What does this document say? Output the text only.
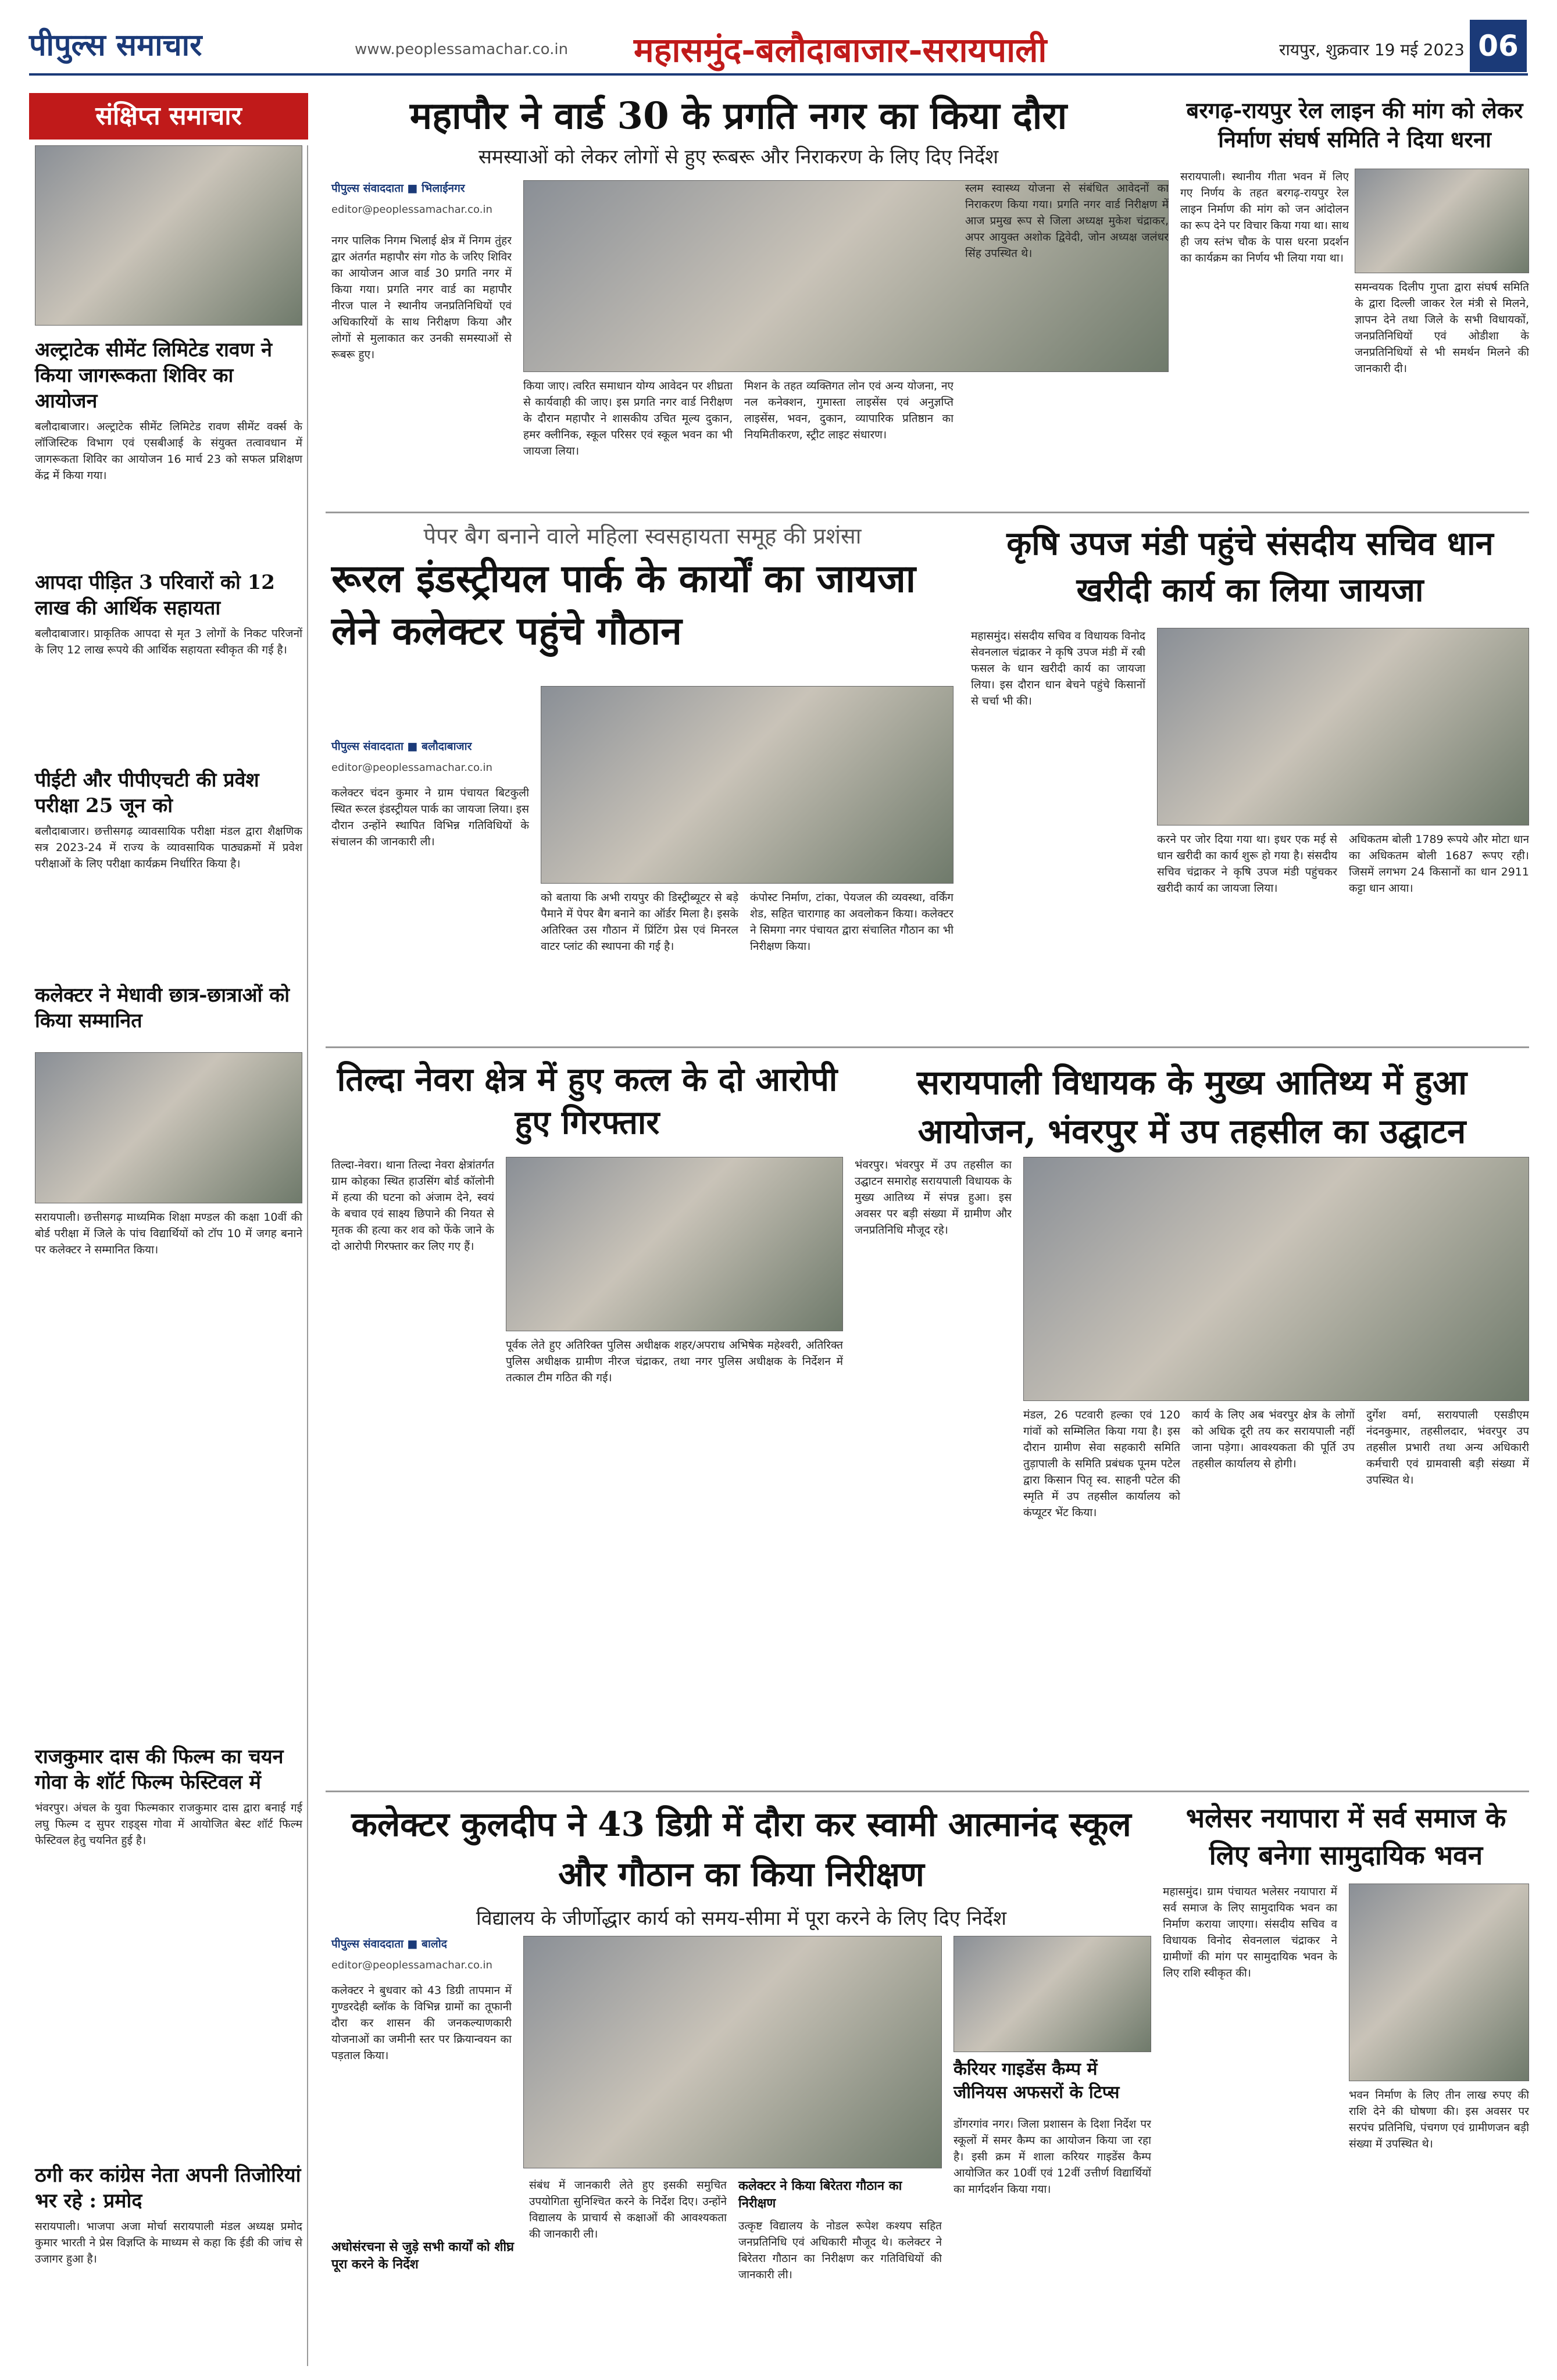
पीपुल्स समाचार	www.peoplessamachar.co.in महासमुंद-बलौदाबाजार-सरायपाली	रायपुर, शुक्रवार 19 मई 2023 06
संक्षिप्त समाचार
अल्ट्राटेक सीमेंट लिमिटेड रावण ने किया जागरूकता शिविर का आयोजन
बलौदाबाजार। अल्ट्राटेक सीमेंट लिमिटेड रावण सीमेंट वर्क्स के लॉजिस्टिक विभाग एवं एसबीआई के संयुक्त तत्वावधान में जागरूकता शिविर का आयोजन 16 मार्च 23 को सफल प्रशिक्षण केंद्र में किया गया।
आपदा पीड़ित 3 परिवारों को 12 लाख की आर्थिक सहायता
बलौदाबाजार। प्राकृतिक आपदा से मृत 3 लोगों के निकट परिजनों के लिए 12 लाख रूपये की आर्थिक सहायता स्वीकृत की गई है।
पीईटी और पीपीएचटी की प्रवेश परीक्षा 25 जून को
बलौदाबाजार। छत्तीसगढ़ व्यावसायिक परीक्षा मंडल द्वारा शैक्षणिक सत्र 2023-24 में राज्य के व्यावसायिक पाठ्यक्रमों में प्रवेश परीक्षाओं के लिए परीक्षा कार्यक्रम निर्धारित किया है।
कलेक्टर ने मेधावी छात्र-छात्राओं को किया सम्मानित
सरायपाली। छत्तीसगढ़ माध्यमिक शिक्षा मण्डल की कक्षा 10वीं की बोर्ड परीक्षा में जिले के पांच विद्यार्थियों को टॉप 10 में जगह बनाने पर कलेक्टर ने सम्मानित किया।
राजकुमार दास की फिल्म का चयन गोवा के शॉर्ट फिल्म फेस्टिवल में
भंवरपुर। अंचल के युवा फिल्मकार राजकुमार दास द्वारा बनाई गई लघु फिल्म द सुपर राइड्स गोवा में आयोजित बेस्ट शॉर्ट फिल्म फेस्टिवल हेतु चयनित हुई है।
ठगी कर कांग्रेस नेता अपनी तिजोरियां भर रहे : प्रमोद
सरायपाली। भाजपा अजा मोर्चा सरायपाली मंडल अध्यक्ष प्रमोद कुमार भारती ने प्रेस विज्ञप्ति के माध्यम से कहा कि ईडी की जांच से उजागर हुआ है।
महापौर ने वार्ड 30 के प्रगति नगर का किया दौरा
समस्याओं को लेकर लोगों से हुए रूबरू और निराकरण के लिए दिए निर्देश
पीपुल्स संवाददाता ■ भिलाईनगर
editor@peoplessamachar.co.in
नगर पालिक निगम भिलाई क्षेत्र में निगम तुंहर द्वार अंतर्गत महापौर संग गोठ के जरिए शिविर का आयोजन आज वार्ड 30 प्रगति नगर में किया गया। प्रगति नगर वार्ड का महापौर नीरज पाल ने स्थानीय जनप्रतिनिधियों एवं अधिकारियों के साथ निरीक्षण किया और लोगों से मुलाकात कर उनकी समस्याओं से रूबरू हुए।
किया जाए। त्वरित समाधान योग्य आवेदन पर शीघ्रता से कार्यवाही की जाए। इस प्रगति नगर वार्ड निरीक्षण के दौरान महापौर ने शासकीय उचित मूल्य दुकान, हमर क्लीनिक, स्कूल परिसर एवं स्कूल भवन का भी जायजा लिया।
मिशन के तहत व्यक्तिगत लोन एवं अन्य योजना, नए नल कनेक्शन, गुमास्ता लाइसेंस एवं अनुज्ञप्ति लाइसेंस, भवन, दुकान, व्यापारिक प्रतिष्ठान का नियमितीकरण, स्ट्रीट लाइट संधारण।
स्लम स्वास्थ्य योजना से संबंधित आवेदनों का निराकरण किया गया। प्रगति नगर वार्ड निरीक्षण में आज प्रमुख रूप से जिला अध्यक्ष मुकेश चंद्राकर, अपर आयुक्त अशोक द्विवेदी, जोन अध्यक्ष जलंधर सिंह उपस्थित थे।
बरगढ़-रायपुर रेल लाइन की मांग को लेकर निर्माण संघर्ष समिति ने दिया धरना
सरायपाली। स्थानीय गीता भवन में लिए गए निर्णय के तहत बरगढ़-रायपुर रेल लाइन निर्माण की मांग को जन आंदोलन का रूप देने पर विचार किया गया था। साथ ही जय स्तंभ चौक के पास धरना प्रदर्शन का कार्यक्रम का निर्णय भी लिया गया था।
समन्वयक दिलीप गुप्ता द्वारा संघर्ष समिति के द्वारा दिल्ली जाकर रेल मंत्री से मिलने, ज्ञापन देने तथा जिले के सभी विधायकों, जनप्रतिनिधियों एवं ओडीशा के जनप्रतिनिधियों से भी समर्थन मिलने की जानकारी दी।
पेपर बैग बनाने वाले महिला स्वसहायता समूह की प्रशंसा
रूरल इंडस्ट्रीयल पार्क के कार्यों का जायजा लेने कलेक्टर पहुंचे गौठान
पीपुल्स संवाददाता ■ बलौदाबाजार
editor@peoplessamachar.co.in
कलेक्टर चंदन कुमार ने ग्राम पंचायत बिटकुली स्थित रूरल इंडस्ट्रीयल पार्क का जायजा लिया। इस दौरान उन्होंने स्थापित विभिन्न गतिविधियों के संचालन की जानकारी ली।
को बताया कि अभी रायपुर की डिस्ट्रीब्यूटर से बड़े पैमाने में पेपर बैग बनाने का ऑर्डर मिला है। इसके अतिरिक्त उस गौठान में प्रिंटिंग प्रेस एवं मिनरल वाटर प्लांट की स्थापना की गई है।
कंपोस्ट निर्माण, टांका, पेयजल की व्यवस्था, वर्किंग शेड, सहित चारागाह का अवलोकन किया। कलेक्टर ने सिमगा नगर पंचायत द्वारा संचालित गौठान का भी निरीक्षण किया।
कृषि उपज मंडी पहुंचे संसदीय सचिव धान खरीदी कार्य का लिया जायजा
महासमुंद। संसदीय सचिव व विधायक विनोद सेवनलाल चंद्राकर ने कृषि उपज मंडी में रबी फसल के धान खरीदी कार्य का जायजा लिया। इस दौरान धान बेचने पहुंचे किसानों से चर्चा भी की।
करने पर जोर दिया गया था। इधर एक मई से धान खरीदी का कार्य शुरू हो गया है। संसदीय सचिव चंद्राकर ने कृषि उपज मंडी पहुंचकर खरीदी कार्य का जायजा लिया।
अधिकतम बोली 1789 रूपये और मोटा धान का अधिकतम बोली 1687 रूपए रही। जिसमें लगभग 24 किसानों का धान 2911 कट्टा धान आया।
तिल्दा नेवरा क्षेत्र में हुए कत्ल के दो आरोपी हुए गिरफ्तार
तिल्दा-नेवरा। थाना तिल्दा नेवरा क्षेत्रांतर्गत ग्राम कोहका स्थित हाउसिंग बोर्ड कॉलोनी में हत्या की घटना को अंजाम देने, स्वयं के बचाव एवं साक्ष्य छिपाने की नियत से मृतक की हत्या कर शव को फेंके जाने के दो आरोपी गिरफ्तार कर लिए गए हैं।
पूर्वक लेते हुए अतिरिक्त पुलिस अधीक्षक शहर/अपराध अभिषेक महेश्वरी, अतिरिक्त पुलिस अधीक्षक ग्रामीण नीरज चंद्राकर, तथा नगर पुलिस अधीक्षक के निर्देशन में तत्काल टीम गठित की गई।
सरायपाली विधायक के मुख्य आतिथ्य में हुआ आयोजन, भंवरपुर में उप तहसील का उद्घाटन
भंवरपुर। भंवरपुर में उप तहसील का उद्घाटन समारोह सरायपाली विधायक के मुख्य आतिथ्य में संपन्न हुआ। इस अवसर पर बड़ी संख्या में ग्रामीण और जनप्रतिनिधि मौजूद रहे।
मंडल, 26 पटवारी हल्का एवं 120 गांवों को सम्मिलित किया गया है। इस दौरान ग्रामीण सेवा सहकारी समिति तुड़ापाली के समिति प्रबंधक पूनम पटेल द्वारा किसान पितृ स्व. साहनी पटेल की स्मृति में उप तहसील कार्यालय को कंप्यूटर भेंट किया।
कार्य के लिए अब भंवरपुर क्षेत्र के लोगों को अधिक दूरी तय कर सरायपाली नहीं जाना पड़ेगा। आवश्यकता की पूर्ति उप तहसील कार्यालय से होगी।
दुर्गेश वर्मा, सरायपाली एसडीएम नंदनकुमार, तहसीलदार, भंवरपुर उप तहसील प्रभारी तथा अन्य अधिकारी कर्मचारी एवं ग्रामवासी बड़ी संख्या में उपस्थित थे।
कलेक्टर कुलदीप ने 43 डिग्री में दौरा कर स्वामी आत्मानंद स्कूल और गौठान का किया निरीक्षण
विद्यालय के जीर्णोद्धार कार्य को समय-सीमा में पूरा करने के लिए दिए निर्देश
पीपुल्स संवाददाता ■ बालोद
editor@peoplessamachar.co.in
कलेक्टर ने बुधवार को 43 डिग्री तापमान में गुण्डरदेही ब्लॉक के विभिन्न ग्रामों का तूफानी दौरा कर शासन की जनकल्याणकारी योजनाओं का जमीनी स्तर पर क्रियान्वयन का पड़ताल किया।
अधोसंरचना से जुड़े सभी कार्यों को शीघ्र पूरा करने के निर्देश
संबंध में जानकारी लेते हुए इसकी समुचित उपयोगिता सुनिश्चित करने के निर्देश दिए। उन्होंने विद्यालय के प्राचार्य से कक्षाओं की आवश्यकता की जानकारी ली।
कलेक्टर ने किया बिरेतरा गौठान का निरीक्षण
उत्कृष्ट विद्यालय के नोडल रूपेश कश्यप सहित जनप्रतिनिधि एवं अधिकारी मौजूद थे। कलेक्टर ने बिरेतरा गौठान का निरीक्षण कर गतिविधियों की जानकारी ली।
कैरियर गाइडेंस कैम्प में जीनियस अफसरों के टिप्स
डोंगरगांव नगर। जिला प्रशासन के दिशा निर्देश पर स्कूलों में समर कैम्प का आयोजन किया जा रहा है। इसी क्रम में शाला करियर गाइडेंस कैम्प आयोजित कर 10वीं एवं 12वीं उत्तीर्ण विद्यार्थियों का मार्गदर्शन किया गया।
भलेसर नयापारा में सर्व समाज के लिए बनेगा सामुदायिक भवन
महासमुंद। ग्राम पंचायत भलेसर नयापारा में सर्व समाज के लिए सामुदायिक भवन का निर्माण कराया जाएगा। संसदीय सचिव व विधायक विनोद सेवनलाल चंद्राकर ने ग्रामीणों की मांग पर सामुदायिक भवन के लिए राशि स्वीकृत की।
भवन निर्माण के लिए तीन लाख रुपए की राशि देने की घोषणा की। इस अवसर पर सरपंच प्रतिनिधि, पंचगण एवं ग्रामीणजन बड़ी संख्या में उपस्थित थे।
